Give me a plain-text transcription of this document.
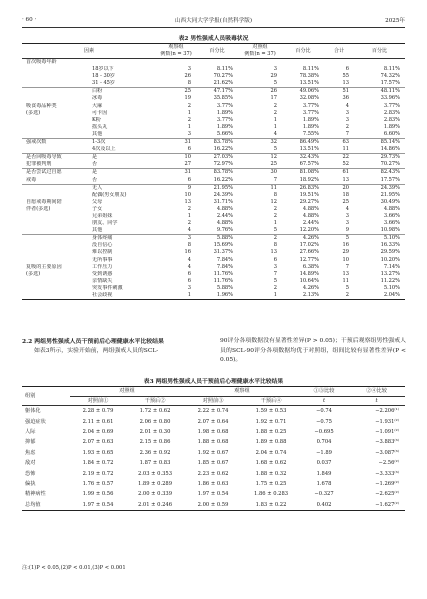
· 60 ·	山西大同大学学报(自然科学版)	2025年
表2 男性强戒人员吸毒状况
因素		观察组	百分比	对照组	百分比	合计	百分比
		例数(n = 37)		例数(n = 37)			
首次吸毒年龄							
	18岁以下	3	8.11%	3	8.11%	6	8.11%
	18 - 30岁	26	70.27%	29	78.38%	55	74.32%
	31 - 45岁	8	21.62%	5	13.51%	13	17.57%
	白粉	25	47.17%	26	49.06%	51	48.11%
	冰毒	19	35.85%	17	32.08%	36	33.96%
吸食毒品种类	大麻	2	3.77%	2	3.77%	4	3.77%
(多选)	可卡因	1	1.89%	2	3.77%	3	2.83%
	K粉	2	3.77%	1	1.89%	3	2.83%
	摇头丸	1	1.89%	1	1.89%	2	1.89%
	其他	3	5.66%	4	7.55%	7	6.60%
强戒次数	1-3次	31	83.78%	32	86.49%	63	85.14%
	4次及以上	6	16.22%	5	13.51%	11	14.86%
是否回吸毒导致	是	10	27.03%	12	32.43%	22	29.73%
犯罪被判刑	否	27	72.97%	25	67.57%	52	70.27%
是否尝试过自愿	是	31	83.78%	30	81.08%	61	82.43%
戒毒	否	6	16.22%	7	18.92%	13	17.57%
	无人	9	21.95%	11	26.83%	20	24.39%
	配偶(男女朋友)	10	24.39%	8	19.51%	18	21.95%
自愿戒毒期间陪	父母	13	31.71%	12	29.27%	25	30.49%
伴者(多选)	子女	2	4.88%	2	4.88%	4	4.88%
	兄弟姐妹	1	2.44%	2	4.88%	3	3.66%
	朋友、同学	2	4.88%	1	2.44%	3	3.66%
	其他	4	9.76%	5	12.20%	9	10.98%
	身体疼痛	3	5.88%	2	4.26%	5	5.10%
	没自信心	8	15.69%	8	17.02%	16	16.33%
	难以控制	16	31.37%	13	27.66%	29	29.59%
	无所事事	4	7.84%	6	12.77%	10	10.20%
复吸的主要原因	工作压力	4	7.84%	3	6.38%	7	7.14%
(多选)	受到诱惑	6	11.76%	7	14.89%	13	13.27%
	亲情缺失	6	11.76%	5	10.64%	11	11.22%
	突发事件刺激	3	5.88%	2	4.26%	5	5.10%
	社会歧视	1	1.96%	1	2.13%	2	2.04%
2.2 两组男性强戒人员干预前后心理健康水平比较结果
如表3所示，实验开始前，两组强戒人员的SCL-
90评分各项数据没有显著性差异(P > 0.05)；干预后观察组男性强戒人员的SCL-90评分各项数据均优于对照组，组间比较有显著性差异(P < 0.05)。
表3 两组男性强戒人员干预前后心理健康水平比较结果
组别	对照组		观察组		①③比较	②④比较
	对照前①	干预后②	对照前③	干预后④	t	t
躯体化	2.28 ± 0.79	1.72 ± 0.62	2.22 ± 0.74	1.59 ± 0.53	−0.74	−2.206⁽¹⁾
强迫症状	2.11 ± 0.61	2.06 ± 0.80	2.07 ± 0.64	1.92 ± 0.71	−0.75	−1.931⁽²⁾
人际	2.04 ± 0.69	2.01 ± 0.30	1.98 ± 0.68	1.88 ± 0.25	−0.695	−1.091⁽²⁾
抑郁	2.07 ± 0.63	2.15 ± 0.86	1.88 ± 0.68	1.89 ± 0.88	0.704	−3.883⁽³⁾
焦虑	1.93 ± 0.65	2.36 ± 0.92	1.92 ± 0.67	2.04 ± 0.74	−1.89	−3.087⁽³⁾
敌对	1.84 ± 0.72	1.87 ± 0.83	1.85 ± 0.67	1.68 ± 0.62	0.037	−2.56⁽²⁾
恐怖	2.19 ± 0.72	2.03 ± 0.353	2.23 ± 0.62	1.88 ± 0.32	1.849	−3.333⁽³⁾
偏执	1.76 ± 0.57	1.89 ± 0.289	1.86 ± 0.63	1.75 ± 0.25	1.678	−1.269⁽²⁾
精神病性	1.99 ± 0.56	2.00 ± 0.339	1.97 ± 0.54	1.86 ± 0.283	−0.327	−2.625⁽²⁾
总均值	1.97 ± 0.54	2.01 ± 0.246	2.00 ± 0.59	1.83 ± 0.22	0.402	−1.627⁽²⁾
注:(1)P < 0.05,(2)P < 0.01,(3)P < 0.001
